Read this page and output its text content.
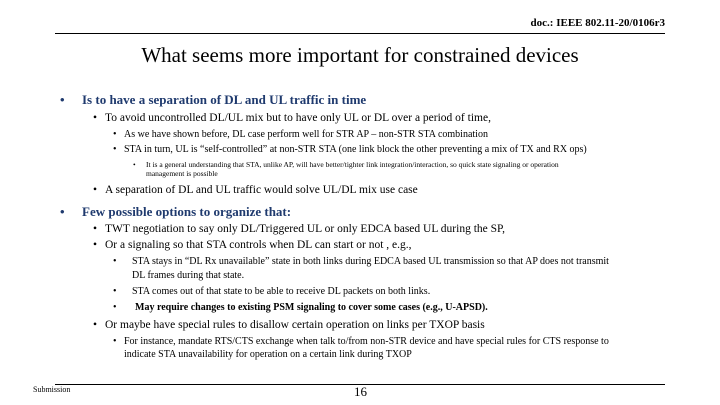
doc.: IEEE 802.11-20/0106r3
What seems more important for constrained devices
• Is to have a separation of DL and UL traffic in time
• To avoid uncontrolled DL/UL mix but to have only UL or DL over a period of time,
• As we have shown before, DL case perform well for STR AP – non-STR STA combination
• STA in turn, UL is “self-controlled” at non-STR STA (one link block the other preventing a mix of TX and RX ops)
• It is a general understanding that STA, unlike AP, will have better/tighter link integration/interaction, so quick state signaling or operation
management is possible
• A separation of DL and UL traffic would solve UL/DL mix use case
• Few possible options to organize that:
• TWT negotiation to say only DL/Triggered UL or only EDCA based UL during the SP,
• Or a signaling so that STA controls when DL can start or not , e.g.,
• STA stays in “DL Rx unavailable” state in both links during EDCA based UL transmission so that AP does not transmit
DL frames during that state.
• STA comes out of that state to be able to receive DL packets on both links.
• May require changes to existing PSM signaling to cover some cases (e.g., U-APSD).
• Or maybe have special rules to disallow certain operation on links per TXOP basis
• For instance, mandate RTS/CTS exchange when talk to/from non-STR device and have special rules for CTS response to
indicate STA unavailability for operation on a certain link during TXOP
Submission	16
